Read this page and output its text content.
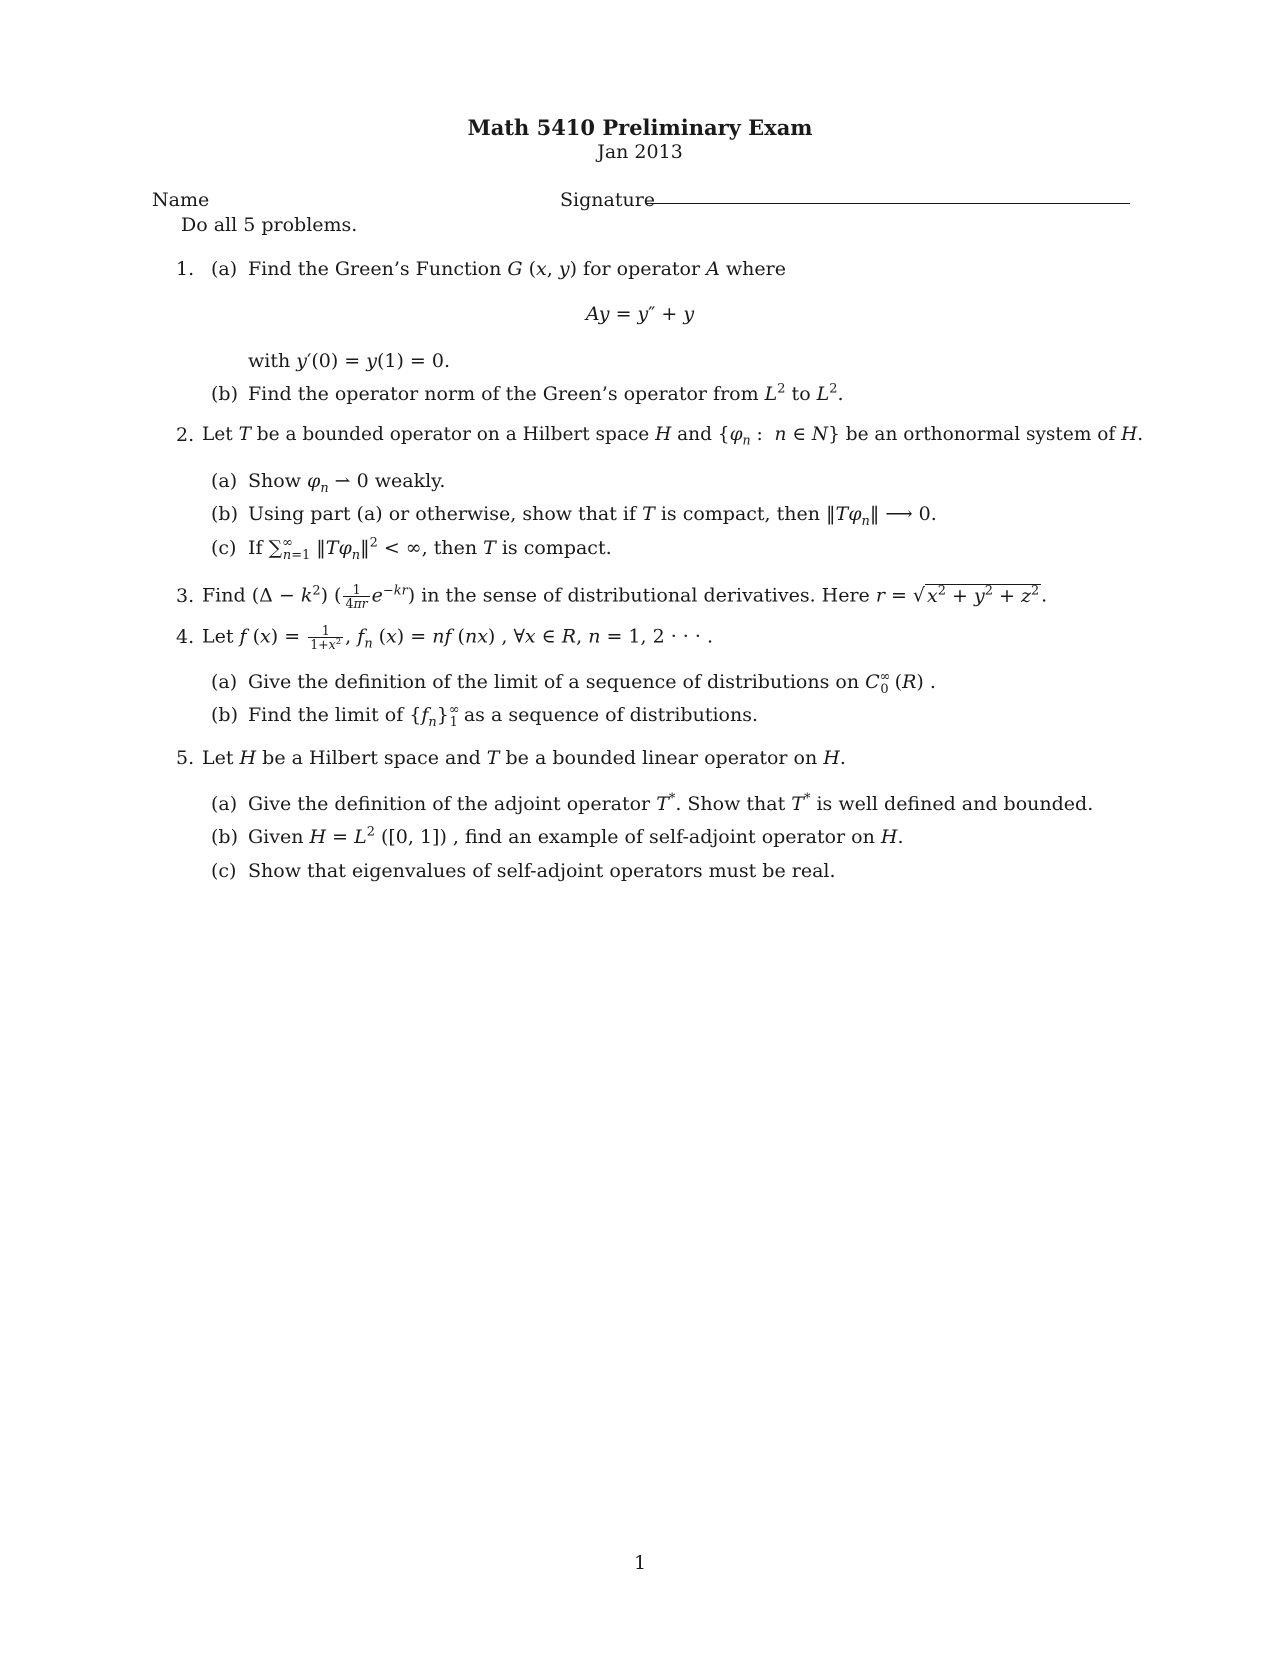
Math 5410 Preliminary Exam
Jan 2013
Name	Signature
Do all 5 problems.
1. (a) Find the Green’s Function G (x, y) for operator A where
Ay = y″ + y
with y′(0) = y(1) = 0.
(b) Find the operator norm of the Green’s operator from $L^2$ to $L^2$.
2. Let T be a bounded operator on a Hilbert space H and {$\varphi_n$ :  n ∈ N} be an orthonormal system of H.
(a) Show $\varphi_n$ ⇀ 0 weakly.
(b) Using part (a) or otherwise, show that if T is compact, then $‖T\varphi_n‖$ ⟶ 0.
(c) If $\sum^\infty_{n=1}$ $‖T\varphi_n‖^2$ < ∞, then T is compact.
3. Find $(\Delta - k^2)$ ( $\frac{1}{4\pi r} e^{-kr}$) in the sense of distributional derivatives. Here r = √ $x^2 + y^2 + z^2$ .
4. Let f $(x) = \frac{1}{1+x^2}$ , $f_n$ (x) = nf (nx) , ∀x ∈ R, n = 1, 2 · · · .
(a) Give the definition of the limit of a sequence of distributions on $C^\infty_0$ (R) .
(b) Find the limit of $\{f_n\}^\infty_1$ as a sequence of distributions.
5. Let H be a Hilbert space and T be a bounded linear operator on H.
(a) Give the definition of the adjoint operator T*. Show that T* is well defined and bounded.
(b) Given $H = L^2$ ([0, 1]) , find an example of self-adjoint operator on H.
(c) Show that eigenvalues of self-adjoint operators must be real.
1
